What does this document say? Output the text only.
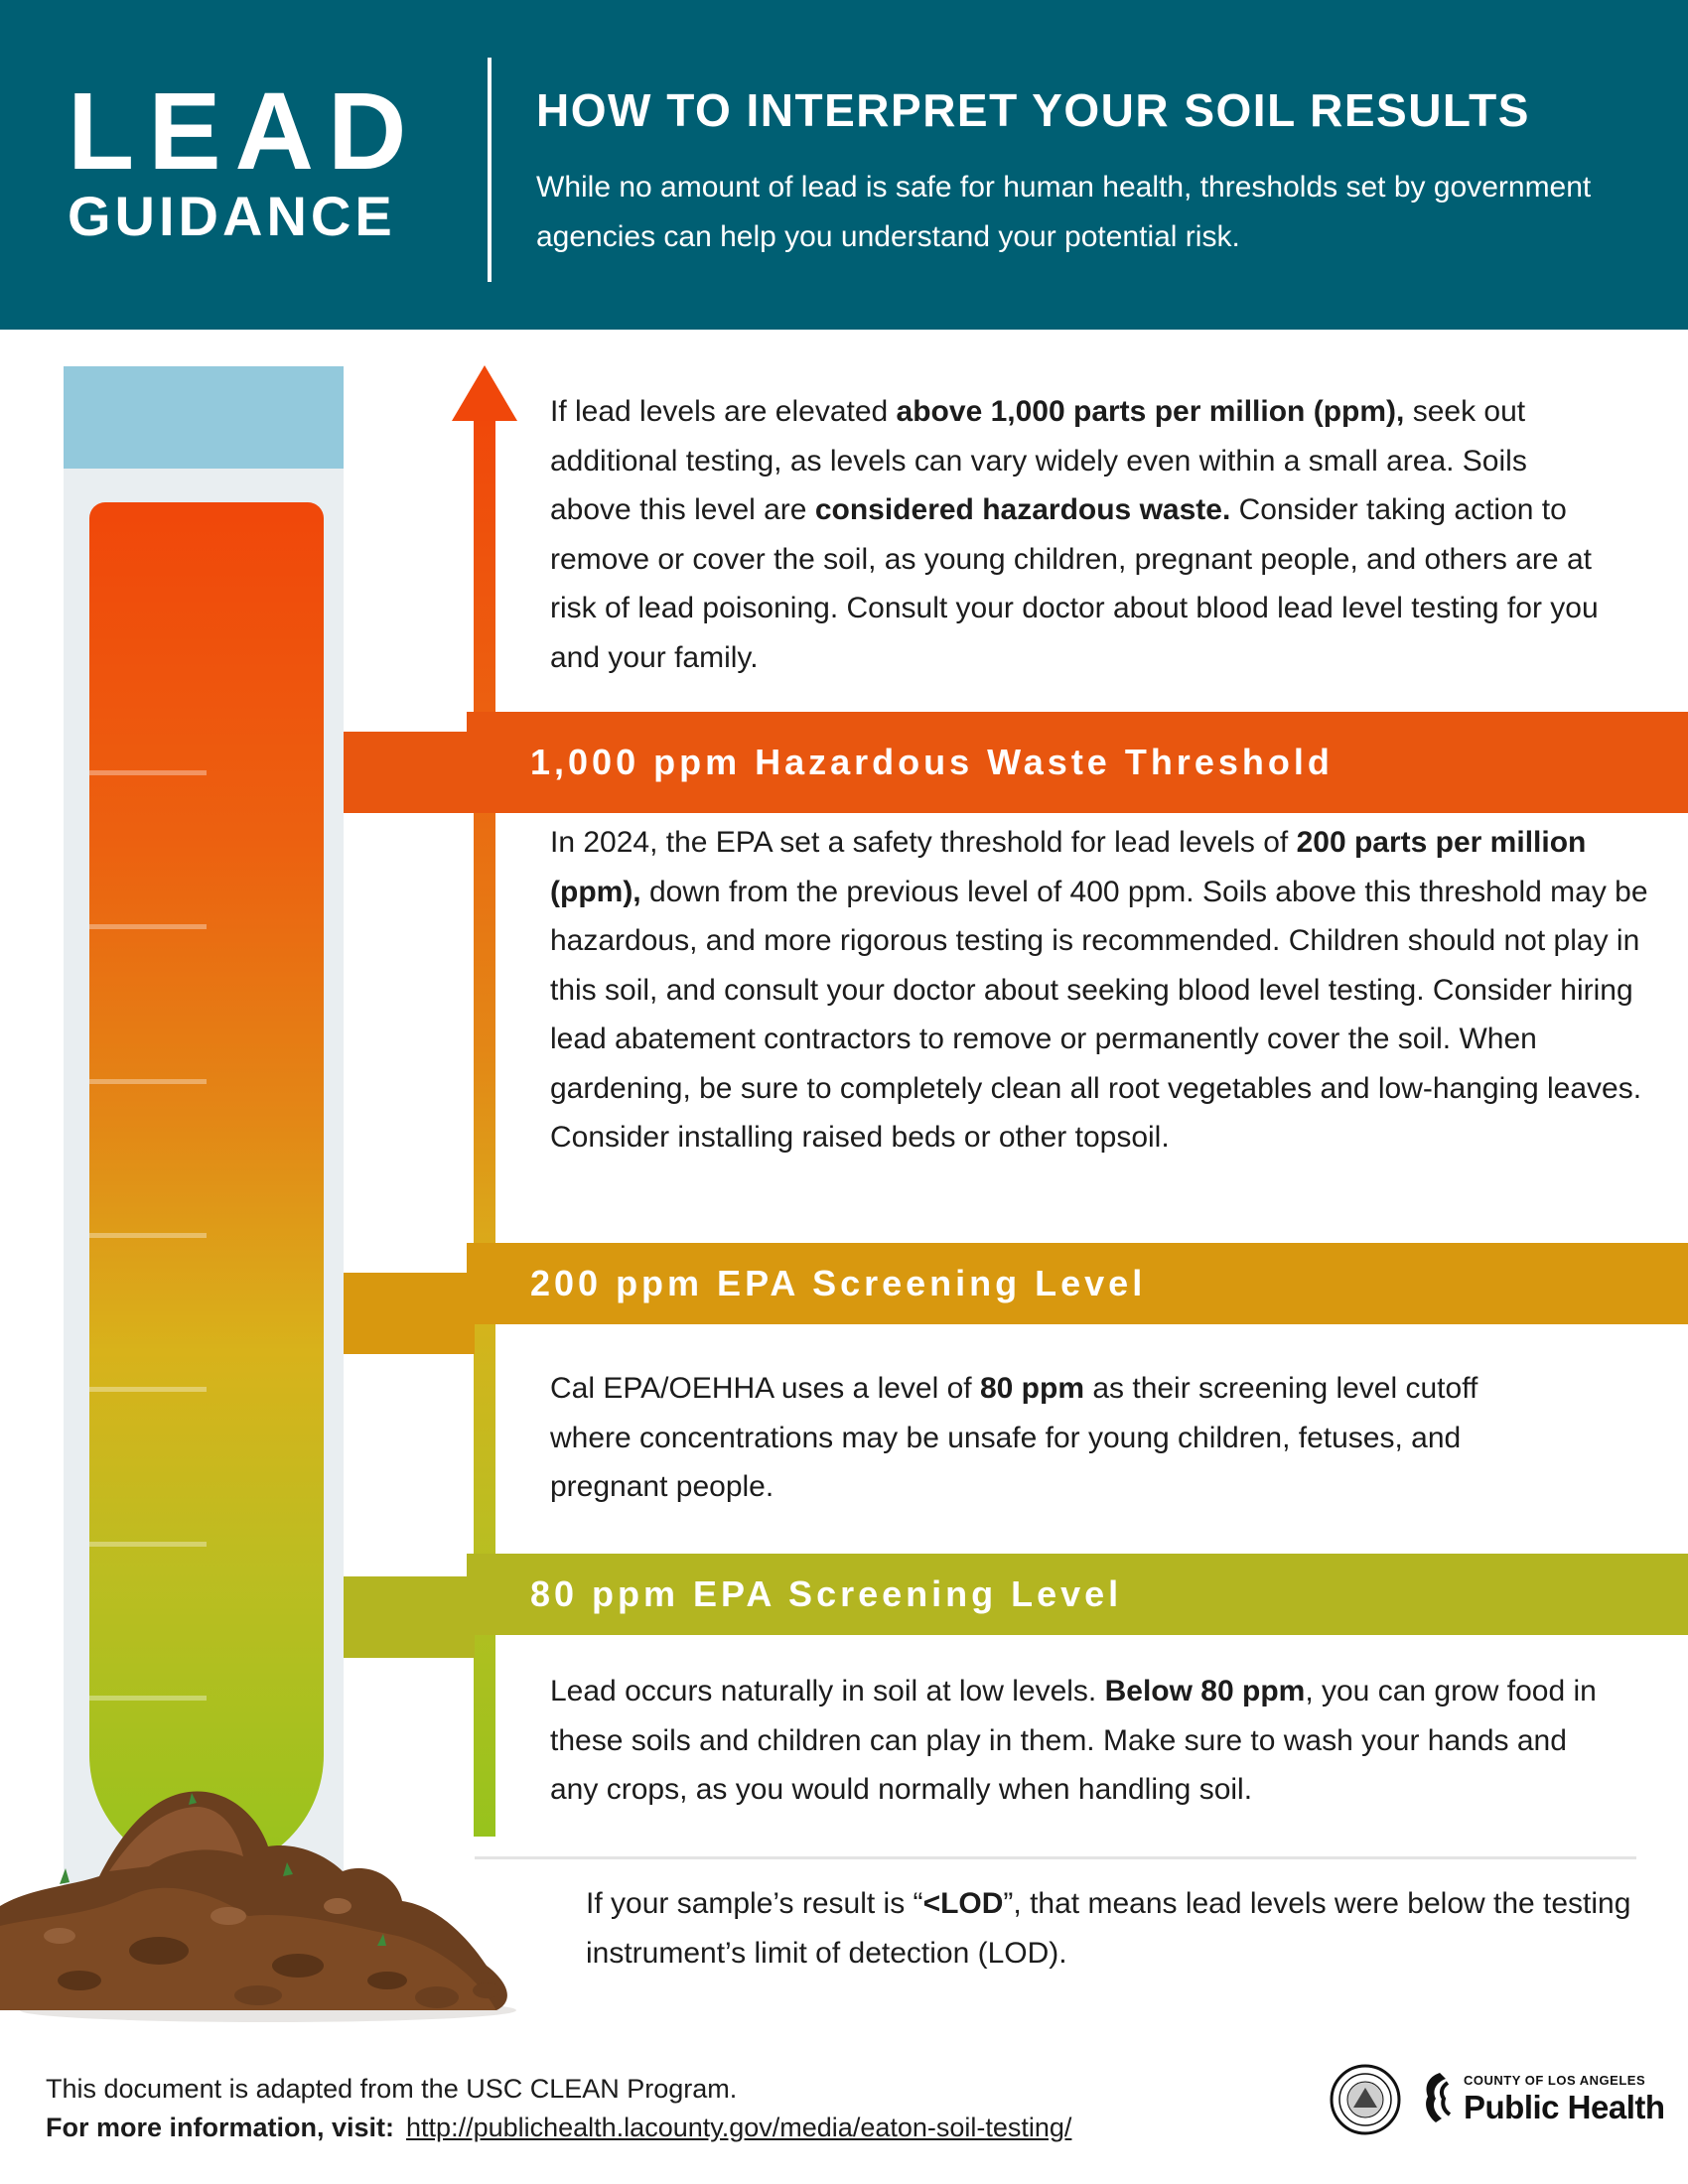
LEAD
GUIDANCE
HOW TO INTERPRET YOUR SOIL RESULTS
While no amount of lead is safe for human health, thresholds set by government agencies can help you understand your potential risk.
If lead levels are elevated above 1,000 parts per million (ppm), seek out additional testing, as levels can vary widely even within a small area. Soils above this level are considered hazardous waste. Consider taking action to remove or cover the soil, as young children, pregnant people, and others are at risk of lead poisoning. Consult your doctor about blood lead level testing for you and your family.
1,000 ppm Hazardous Waste Threshold
In 2024, the EPA set a safety threshold for lead levels of 200 parts per million (ppm), down from the previous level of 400 ppm. Soils above this threshold may be hazardous, and more rigorous testing is recommended. Children should not play in this soil, and consult your doctor about seeking blood level testing. Consider hiring lead abatement contractors to remove or permanently cover the soil. When gardening, be sure to completely clean all root vegetables and low-hanging leaves. Consider installing raised beds or other topsoil.
200 ppm EPA Screening Level
Cal EPA/OEHHA uses a level of 80 ppm as their screening level cutoff where concentrations may be unsafe for young children, fetuses, and pregnant people.
80 ppm EPA Screening Level
Lead occurs naturally in soil at low levels. Below 80 ppm, you can grow food in these soils and children can play in them. Make sure to wash your hands and any crops, as you would normally when handling soil.
If your sample’s result is “<LOD”, that means lead levels were below the testing instrument’s limit of detection (LOD).
This document is adapted from the USC CLEAN Program.
For more information, visit: http://publichealth.lacounty.gov/media/eaton-soil-testing/
COUNTY OF LOS ANGELES
Public Health
